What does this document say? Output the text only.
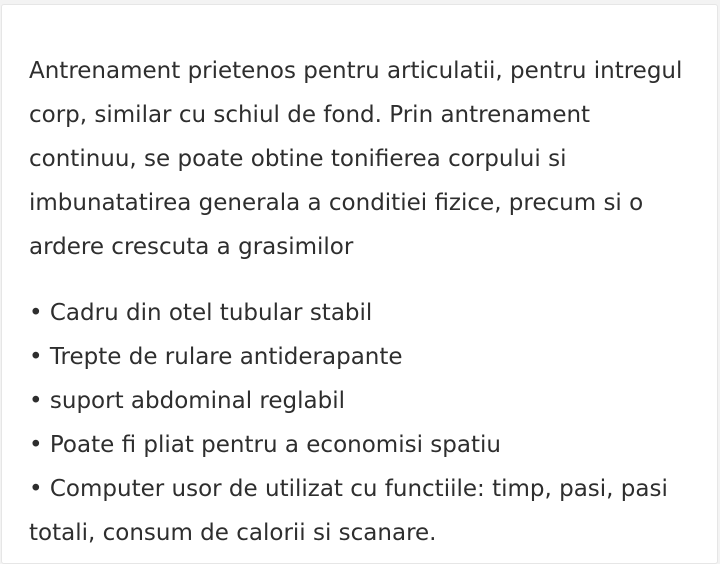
Antrenament prietenos pentru articulatii, pentru intregul corp, similar cu schiul de fond. Prin antrenament continuu, se poate obtine tonifierea corpului si imbunatatirea generala a conditiei fizice, precum si o ardere crescuta a grasimilor

• Cadru din otel tubular stabil
• Trepte de rulare antiderapante
• suport abdominal reglabil
• Poate fi pliat pentru a economisi spatiu
• Computer usor de utilizat cu functiile: timp, pasi, pasi totali, consum de calorii si scanare.
